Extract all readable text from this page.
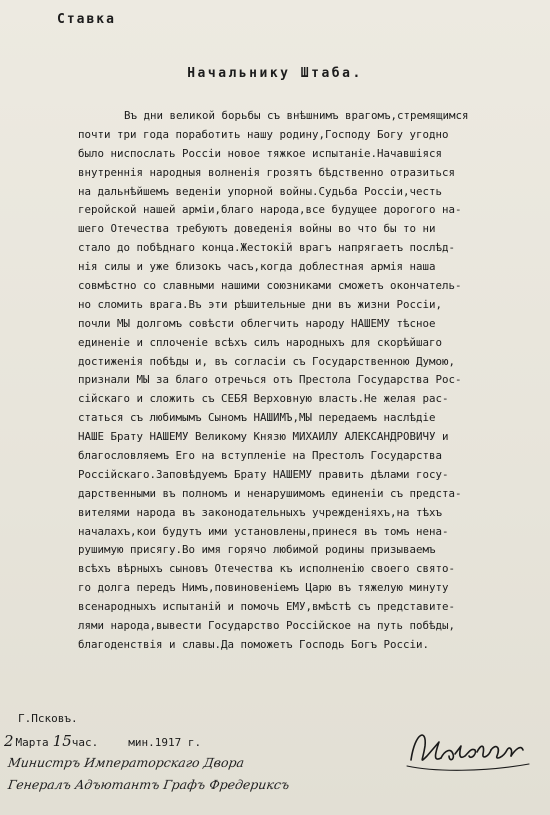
Ставка
Начальнику Штаба.
Въ дни великой борьбы съ внѣшнимъ врагомъ,стремящимся
почти три года поработить нашу родину,Господу Богу угодно
было ниспослать Россіи новое тяжкое испытаніе.Начавшіяся
внутреннія народныя волненія грозятъ бѣдственно отразиться
на дальнѣйшемъ веденіи упорной войны.Судьба Россіи,честь
геройской нашей арміи,благо народа,все будущее дорогого на-
шего Отечества требуютъ доведенія войны во что бы то ни
стало до побѣднаго конца.Жестокій врагъ напрягаетъ послѣд-
нія силы и уже близокъ часъ,когда доблестная армія наша
совмѣстно со славными нашими союзниками сможетъ окончатель-
но сломить врага.Въ эти рѣшительные дни въ жизни Россіи,
почли МЫ долгомъ совѣсти облегчить народу НАШЕМУ тѣсное
единеніе и сплоченіе всѣхъ силъ народныхъ для скорѣйшаго
достиженія побѣды и, въ согласіи съ Государственною Думою,
признали МЫ за благо отречься отъ Престола Государства Рос-
сійскаго и сложить съ СЕБЯ Верховную власть.Не желая рас-
статься съ любимымъ Сыномъ НАШИМЪ,МЫ передаемъ наслѣдіе
НАШЕ Брату НАШЕМУ Великому Князю МИХАИЛУ АЛЕКСАНДРОВИЧУ и
благословляемъ Его на вступленіе на Престолъ Государства
Россійскаго.Заповѣдуемъ Брату НАШЕМУ править дѣлами госу-
дарственными въ полномъ и ненарушимомъ единеніи съ предста-
вителями народа въ законодательныхъ учрежденіяхъ,на тѣхъ
началахъ,кои будутъ ими установлены,принеся въ томъ нена-
рушимую присягу.Во имя горячо любимой родины призываемъ
всѣхъ вѣрныхъ сыновъ Отечества къ исполненію своего свято-
го долга передъ Нимъ,повиновеніемъ Царю въ тяжелую минуту
всенародныхъ испытаній и помочь ЕМУ,вмѣстѣ съ представите-
лями народа,вывести Государство Россійское на путь побѣды,
благоденствія и славы.Да поможетъ Господь Богъ Россіи.
Г.Псковъ.
2 Марта 15 час.	мин.1917 г.
Министръ Императорскаго Двора
Генералъ Адъютантъ Графъ Фредерикcъ
